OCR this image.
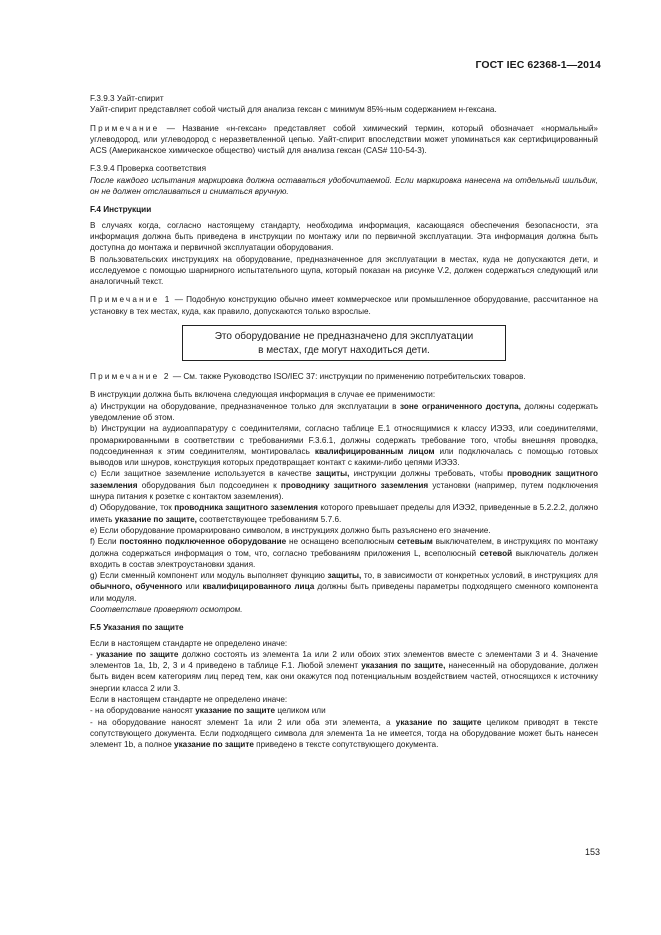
ГОСТ IEC 62368-1—2014

F.3.9.3 Уайт-спирит

Уайт-спирит представляет собой чистый для анализа гексан с минимум 85%-ным содержанием н-гексана.

Примечание — Название «н-гексан» представляет собой химический термин, который обозначает «нормальный» углеводород, или углеводород с неразветвленной цепью. Уайт-спирит впоследствии может упоминаться как сертифицированный ACS (Американское химическое общество) чистый для анализа гексан (CAS# 110-54-3).

F.3.9.4 Проверка соответствия

После каждого испытания маркировка должна оставаться удобочитаемой. Если маркировка нанесена на отдельный шильдик, он не должен отслаиваться и сниматься вручную.

F.4 Инструкции

В случаях когда, согласно настоящему стандарту, необходима информация, касающаяся обеспечения безопасности, эта информация должна быть приведена в инструкции по монтажу или по первичной эксплуатации. Эта информация должна быть доступна до монтажа и первичной эксплуатации оборудования.

В пользовательских инструкциях на оборудование, предназначенное для эксплуатации в местах, куда не допускаются дети, и исследуемое с помощью шарнирного испытательного щупа, который показан на рисунке V.2, должен содержаться следующий или аналогичный текст.

Примечание 1 — Подобную конструкцию обычно имеет коммерческое или промышленное оборудование, рассчитанное на установку в тех местах, куда, как правило, допускаются только взрослые.

Это оборудование не предназначено для эксплуатации
в местах, где могут находиться дети.

Примечание 2 — См. также Руководство ISO/IEC 37: инструкции по применению потребительских товаров.

В инструкции должна быть включена следующая информация в случае ее применимости:

a) Инструкции на оборудование, предназначенное только для эксплуатации в зоне ограниченного доступа, должны содержать уведомление об этом.

b) Инструкции на аудиоаппаратуру с соединителями, согласно таблице Е.1 относящимися к классу ИЭЭ3, или соединителями, промаркированными в соответствии с требованиями F.3.6.1, должны содержать требование того, чтобы внешняя проводка, подсоединенная к этим соединителям, монтировалась квалифицированным лицом или подключалась с помощью готовых выводов или шнуров, конструкция которых предотвращает контакт с какими-либо цепями ИЭЭ3.

c) Если защитное заземление используется в качестве защиты, инструкции должны требовать, чтобы проводник защитного заземления оборудования был подсоединен к проводнику защитного заземления установки (например, путем подключения шнура питания к розетке с контактом заземления).

d) Оборудование, ток проводника защитного заземления которого превышает пределы для ИЭЭ2, приведенные в 5.2.2.2, должно иметь указание по защите, соответствующее требованиям 5.7.6.

e) Если оборудование промаркировано символом, в инструкциях должно быть разъяснено его значение.

f) Если постоянно подключенное оборудование не оснащено всеполюсным сетевым выключателем, в инструкциях по монтажу должна содержаться информация о том, что, согласно требованиям приложения L, всеполюсный сетевой выключатель должен входить в состав электроустановки здания.

g) Если сменный компонент или модуль выполняет функцию защиты, то, в зависимости от конкретных условий, в инструкциях для обычного, обученного или квалифицированного лица должны быть приведены параметры подходящего сменного компонента или модуля.

Соответствие проверяют осмотром.

F.5 Указания по защите

Если в настоящем стандарте не определено иначе:

- указание по защите должно состоять из элемента 1а или 2 или обоих этих элементов вместе с элементами 3 и 4. Значение элементов 1а, 1b, 2, 3 и 4 приведено в таблице F.1. Любой элемент указания по защите, нанесенный на оборудование, должен быть виден всем категориям лиц перед тем, как они окажутся под потенциальным воздействием частей, относящихся к источнику энергии класса 2 или 3.

Если в настоящем стандарте не определено иначе:

- на оборудование наносят указание по защите целиком или

- на оборудование наносят элемент 1а или 2 или оба эти элемента, а указание по защите целиком приводят в тексте сопутствующего документа. Если подходящего символа для элемента 1а не имеется, тогда на оборудование может быть нанесен элемент 1b, а полное указание по защите приведено в тексте сопутствующего документа.

153
